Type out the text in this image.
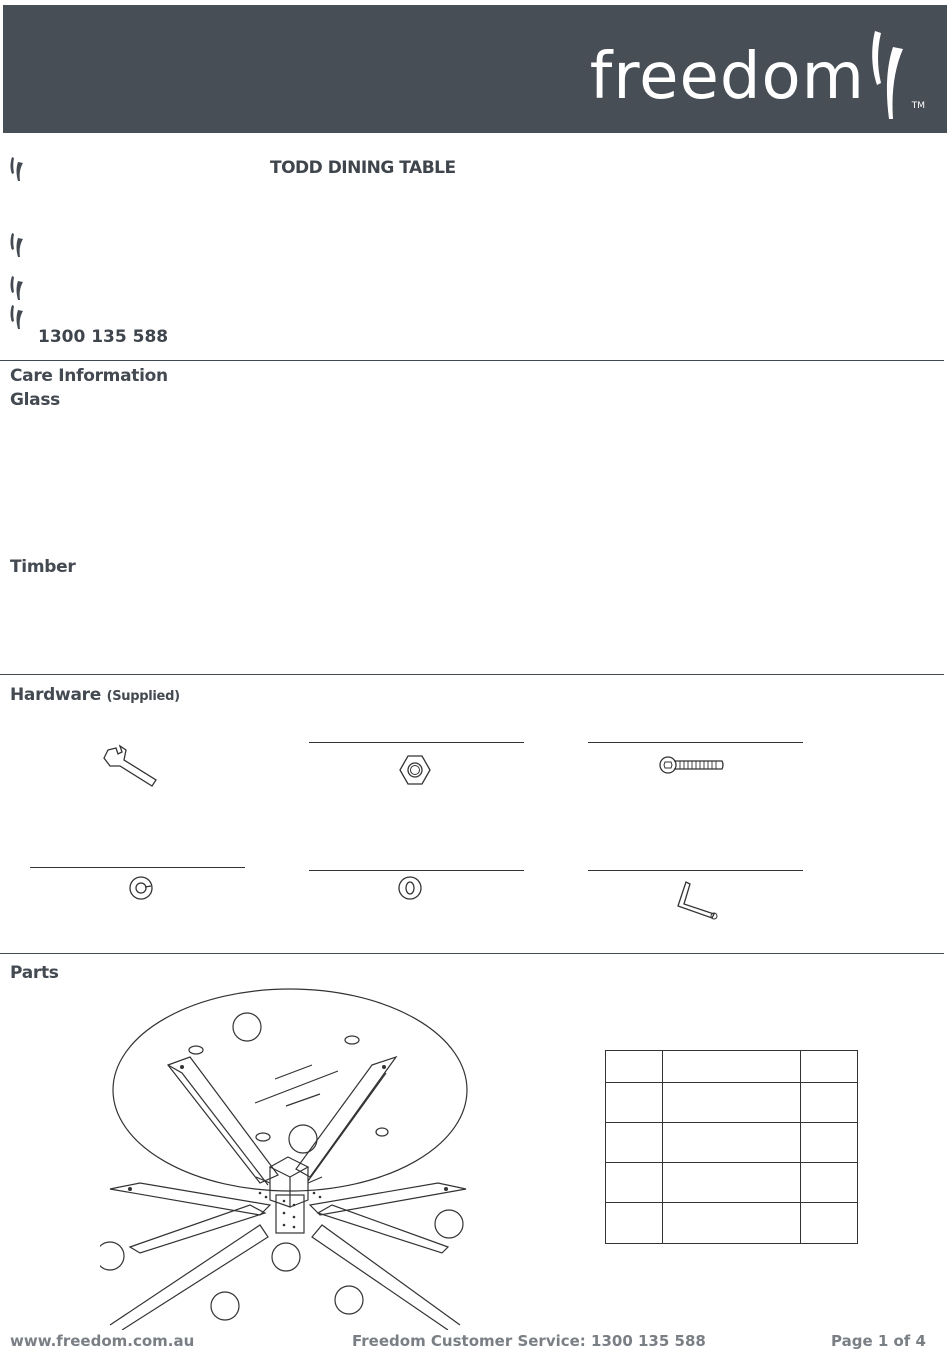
freedom	TM
TODD DINING TABLE
1300 135 588
Care Information
Glass
Timber
Hardware (Supplied)
Parts

www.freedom.com.au	Freedom Customer Service: 1300 135 588	Page 1 of 4
